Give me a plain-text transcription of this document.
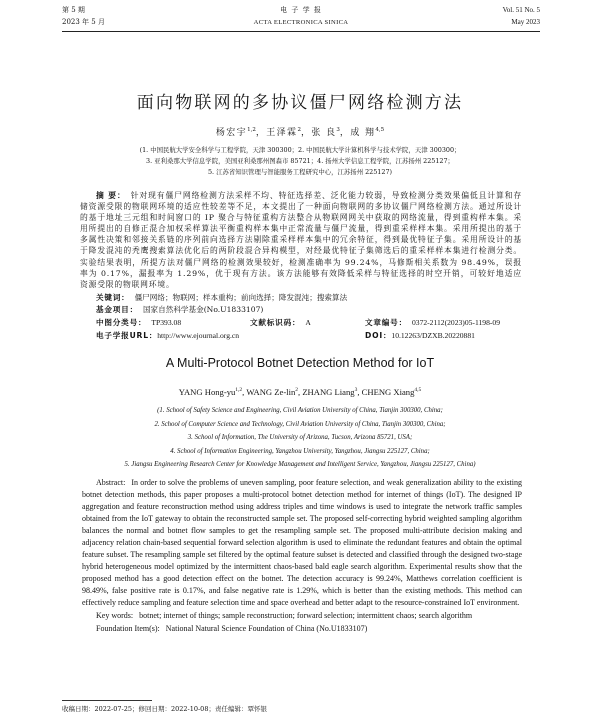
第 5 期	电 子 学 报	Vol. 51 No. 5
2023 年 5 月	ACTA ELECTRONICA SINICA	May 2023
面向物联网的多协议僵尸网络检测方法
杨宏宇$^{1,2}$，王泽霖$^2$，张 良$^3$，成 翔$^{4,5}$
(1. 中国民航大学安全科学与工程学院，天津 300300；2. 中国民航大学计算机科学与技术学院，天津 300300；
3. 亚利桑那大学信息学院，美国亚利桑那州图森市 85721；4. 扬州大学信息工程学院，江苏扬州 225127；
5. 江苏省知识管理与智能服务工程研究中心，江苏扬州 225127)
摘 要： 针对现有僵尸网络检测方法采样不均、特征选择差、泛化能力较弱，导致检测分类效果偏低且计算和存储资源受限的物联网环境的适应性较差等不足，本文提出了一种面向物联网的多协议僵尸网络检测方法。通过所设计的基于地址三元组和时间窗口的 IP 聚合与特征重构方法整合从物联网网关中获取的网络流量，得到重构样本集。采用所提出的自修正混合加权采样算法平衡重构样本集中正常流量与僵尸流量，得到重采样样本集。采用所提出的基于多属性决策和邻接关系链的序列前向选择方法剔除重采样样本集中的冗余特征，得到最优特征子集。采用所设计的基于降发混沌的秃鹰搜索算法优化后的两阶段混合异构模型，对经最优特征子集筛选后的重采样样本集进行检测分类。实验结果表明，所提方法对僵尸网络的检测效果较好，检测准确率为 99.24%，马修斯相关系数为 98.49%，误报率为 0.17%，漏报率为 1.29%，优于现有方法。该方法能够有效降低采样与特征选择的时空开销，可较好地适应资源受限的物联网环境。
关键词： 僵尸网络；物联网；样本重构；前向选择；降发混沌；搜索算法
基金项目： 国家自然科学基金(No.U1833107)
中图分类号： TP393.08	文献标识码： A	文章编号： 0372-2112(2023)05-1198-09
电子学报URL：http://www.ejournal.org.cn	DOI：10.12263/DZXB.20220881
A Multi-Protocol Botnet Detection Method for IoT
YANG Hong-yu$^{1,2}$, WANG Ze-lin$^2$, ZHANG Liang$^3$, CHENG Xiang$^{4,5}$
(1. School of Safety Science and Engineering, Civil Aviation University of China, Tianjin 300300, China;
2. School of Computer Science and Technology, Civil Aviation University of China, Tianjin 300300, China;
3. School of Information, The University of Arizona, Tucson, Arizona 85721, USA;
4. School of Information Engineering, Yangzhou University, Yangzhou, Jiangsu 225127, China;
5. Jiangsu Engineering Research Center for Knowledge Management and Intelligent Service, Yangzhou, Jiangsu 225127, China)
Abstract: In order to solve the problems of uneven sampling, poor feature selection, and weak generalization ability to the existing botnet detection methods, this paper proposes a multi-protocol botnet detection method for internet of things (IoT). The designed IP aggregation and feature reconstruction method using address triples and time windows is used to integrate the network traffic samples obtained from the IoT gateway to obtain the reconstructed sample set. The proposed self-correcting hybrid weighted sampling algorithm balances the normal and botnet flow samples to get the resampling sample set. The proposed multi-attribute decision making and adjacency relation chain-based sequential forward selection algorithm is used to eliminate the redundant features and obtain the optimal feature subset. The resampling sample set filtered by the optimal feature subset is detected and classified through the designed two-stage hybrid heterogeneous model optimized by the intermittent chaos-based bald eagle search algorithm. Experimental results show that the proposed method has a good detection effect on the botnet. The detection accuracy is 99.24%, Matthews correlation coefficient is 98.49%, false positive rate is 0.17%, and false negative rate is 1.29%, which is better than the existing methods. This method can effectively reduce sampling and feature selection time and space overhead and better adapt to the resource-constrained IoT environment.
Key words: botnet; internet of things; sample reconstruction; forward selection; intermittent chaos; search algorithm
Foundation Item(s): National Natural Science Foundation of China (No.U1833107)
收稿日期：2022-07-25；修回日期：2022-10-08；责任编辑：覃怀银
